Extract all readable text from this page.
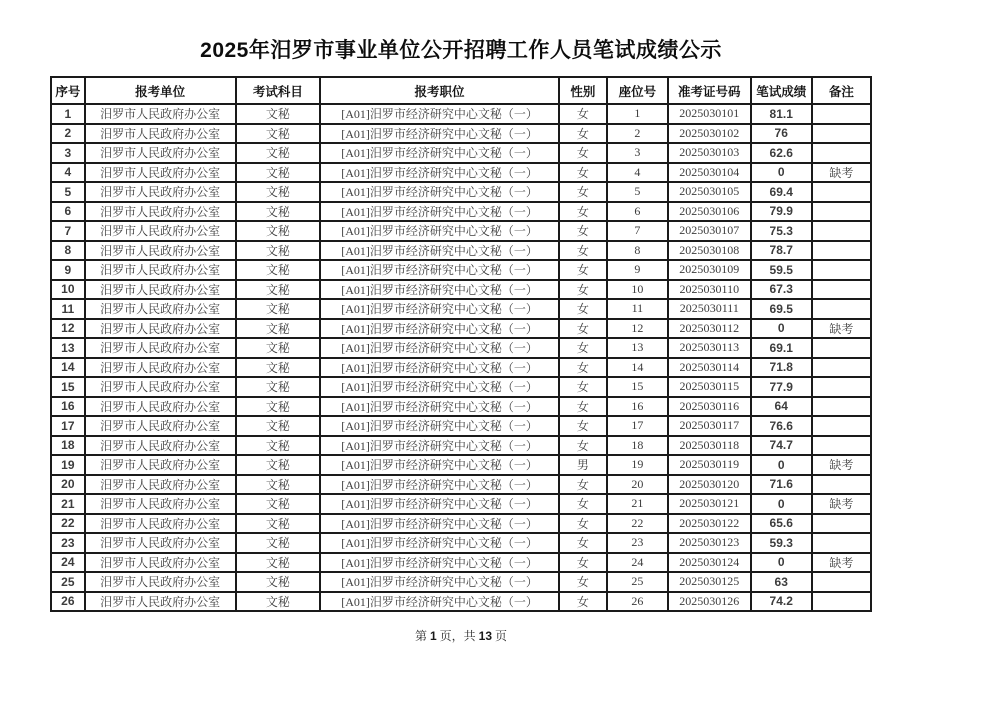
2025年汨罗市事业单位公开招聘工作人员笔试成绩公示
序号	报考单位	考试科目	报考职位	性别	座位号	准考证号码	笔试成绩	备注
1	汨罗市人民政府办公室	文秘	[A01]汨罗市经济研究中心文秘（一）	女	1	2025030101	81.1	
2	汨罗市人民政府办公室	文秘	[A01]汨罗市经济研究中心文秘（一）	女	2	2025030102	76	
3	汨罗市人民政府办公室	文秘	[A01]汨罗市经济研究中心文秘（一）	女	3	2025030103	62.6	
4	汨罗市人民政府办公室	文秘	[A01]汨罗市经济研究中心文秘（一）	女	4	2025030104	0	缺考
5	汨罗市人民政府办公室	文秘	[A01]汨罗市经济研究中心文秘（一）	女	5	2025030105	69.4	
6	汨罗市人民政府办公室	文秘	[A01]汨罗市经济研究中心文秘（一）	女	6	2025030106	79.9	
7	汨罗市人民政府办公室	文秘	[A01]汨罗市经济研究中心文秘（一）	女	7	2025030107	75.3	
8	汨罗市人民政府办公室	文秘	[A01]汨罗市经济研究中心文秘（一）	女	8	2025030108	78.7	
9	汨罗市人民政府办公室	文秘	[A01]汨罗市经济研究中心文秘（一）	女	9	2025030109	59.5	
10	汨罗市人民政府办公室	文秘	[A01]汨罗市经济研究中心文秘（一）	女	10	2025030110	67.3	
11	汨罗市人民政府办公室	文秘	[A01]汨罗市经济研究中心文秘（一）	女	11	2025030111	69.5	
12	汨罗市人民政府办公室	文秘	[A01]汨罗市经济研究中心文秘（一）	女	12	2025030112	0	缺考
13	汨罗市人民政府办公室	文秘	[A01]汨罗市经济研究中心文秘（一）	女	13	2025030113	69.1	
14	汨罗市人民政府办公室	文秘	[A01]汨罗市经济研究中心文秘（一）	女	14	2025030114	71.8	
15	汨罗市人民政府办公室	文秘	[A01]汨罗市经济研究中心文秘（一）	女	15	2025030115	77.9	
16	汨罗市人民政府办公室	文秘	[A01]汨罗市经济研究中心文秘（一）	女	16	2025030116	64	
17	汨罗市人民政府办公室	文秘	[A01]汨罗市经济研究中心文秘（一）	女	17	2025030117	76.6	
18	汨罗市人民政府办公室	文秘	[A01]汨罗市经济研究中心文秘（一）	女	18	2025030118	74.7	
19	汨罗市人民政府办公室	文秘	[A01]汨罗市经济研究中心文秘（一）	男	19	2025030119	0	缺考
20	汨罗市人民政府办公室	文秘	[A01]汨罗市经济研究中心文秘（一）	女	20	2025030120	71.6	
21	汨罗市人民政府办公室	文秘	[A01]汨罗市经济研究中心文秘（一）	女	21	2025030121	0	缺考
22	汨罗市人民政府办公室	文秘	[A01]汨罗市经济研究中心文秘（一）	女	22	2025030122	65.6	
23	汨罗市人民政府办公室	文秘	[A01]汨罗市经济研究中心文秘（一）	女	23	2025030123	59.3	
24	汨罗市人民政府办公室	文秘	[A01]汨罗市经济研究中心文秘（一）	女	24	2025030124	0	缺考
25	汨罗市人民政府办公室	文秘	[A01]汨罗市经济研究中心文秘（一）	女	25	2025030125	63	
26	汨罗市人民政府办公室	文秘	[A01]汨罗市经济研究中心文秘（一）	女	26	2025030126	74.2	
第 1 页，共 13 页
